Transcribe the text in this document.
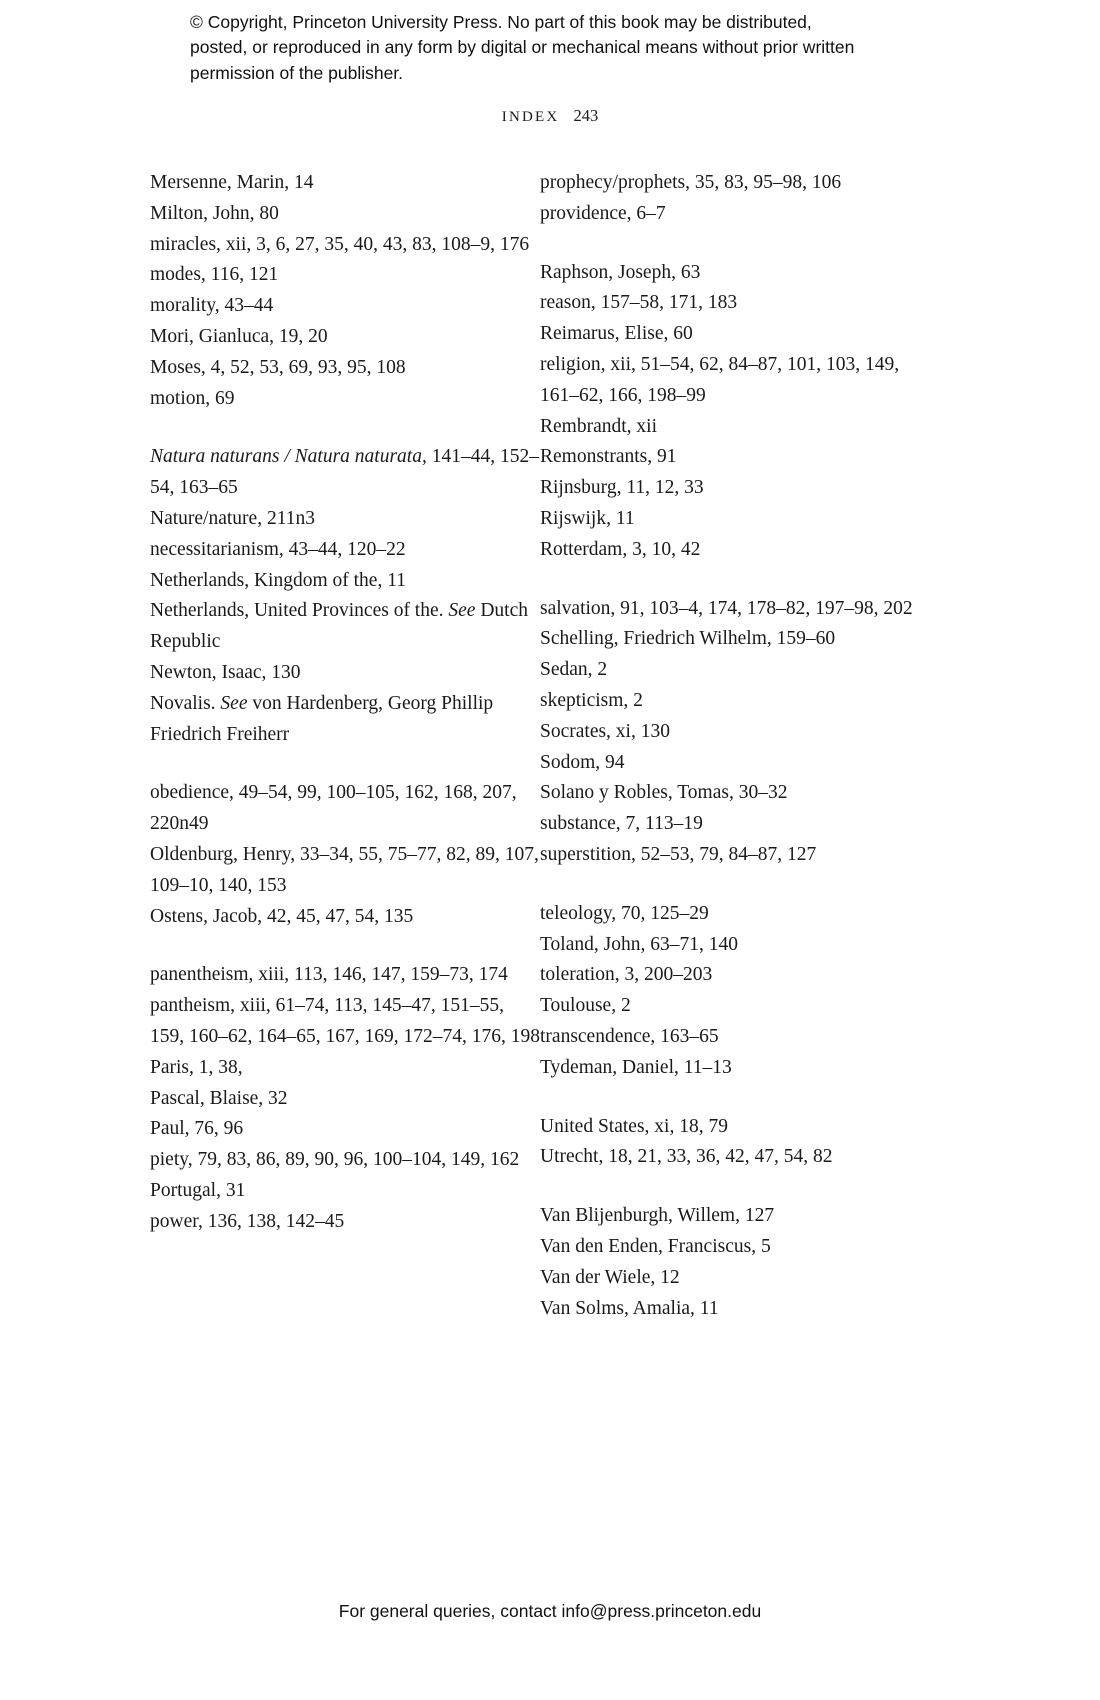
© Copyright, Princeton University Press. No part of this book may be distributed, posted, or reproduced in any form by digital or mechanical means without prior written permission of the publisher.
INDEX 243
Mersenne, Marin, 14
Milton, John, 80
miracles, xii, 3, 6, 27, 35, 40, 43, 83, 108–9, 176
modes, 116, 121
morality, 43–44
Mori, Gianluca, 19, 20
Moses, 4, 52, 53, 69, 93, 95, 108
motion, 69
Natura naturans / Natura naturata, 141–44, 152–54, 163–65
Nature/nature, 211n3
necessitarianism, 43–44, 120–22
Netherlands, Kingdom of the, 11
Netherlands, United Provinces of the. See Dutch Republic
Newton, Isaac, 130
Novalis. See von Hardenberg, Georg Phillip Friedrich Freiherr
obedience, 49–54, 99, 100–105, 162, 168, 207, 220n49
Oldenburg, Henry, 33–34, 55, 75–77, 82, 89, 107, 109–10, 140, 153
Ostens, Jacob, 42, 45, 47, 54, 135
panentheism, xiii, 113, 146, 147, 159–73, 174
pantheism, xiii, 61–74, 113, 145–47, 151–55, 159, 160–62, 164–65, 167, 169, 172–74, 176, 198
Paris, 1, 38,
Pascal, Blaise, 32
Paul, 76, 96
piety, 79, 83, 86, 89, 90, 96, 100–104, 149, 162
Portugal, 31
power, 136, 138, 142–45
prophecy/prophets, 35, 83, 95–98, 106
providence, 6–7
Raphson, Joseph, 63
reason, 157–58, 171, 183
Reimarus, Elise, 60
religion, xii, 51–54, 62, 84–87, 101, 103, 149, 161–62, 166, 198–99
Rembrandt, xii
Remonstrants, 91
Rijnsburg, 11, 12, 33
Rijswijk, 11
Rotterdam, 3, 10, 42
salvation, 91, 103–4, 174, 178–82, 197–98, 202
Schelling, Friedrich Wilhelm, 159–60
Sedan, 2
skepticism, 2
Socrates, xi, 130
Sodom, 94
Solano y Robles, Tomas, 30–32
substance, 7, 113–19
superstition, 52–53, 79, 84–87, 127
teleology, 70, 125–29
Toland, John, 63–71, 140
toleration, 3, 200–203
Toulouse, 2
transcendence, 163–65
Tydeman, Daniel, 11–13
United States, xi, 18, 79
Utrecht, 18, 21, 33, 36, 42, 47, 54, 82
Van Blijenburgh, Willem, 127
Van den Enden, Franciscus, 5
Van der Wiele, 12
Van Solms, Amalia, 11
For general queries, contact info@press.princeton.edu
